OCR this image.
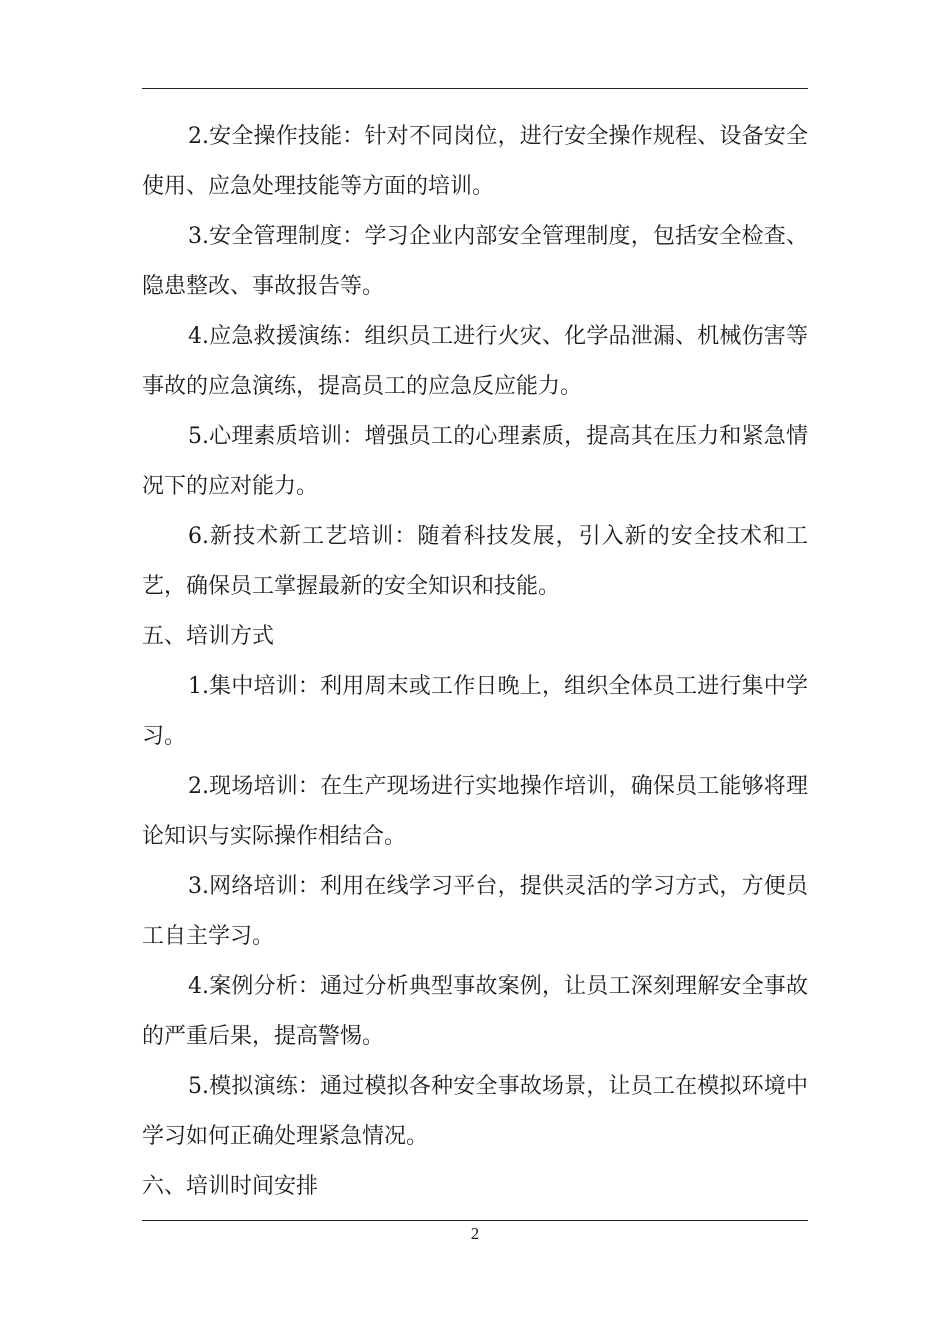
2.安全操作技能：针对不同岗位，进行安全操作规程、设备安全使用、应急处理技能等方面的培训。

3.安全管理制度：学习企业内部安全管理制度，包括安全检查、隐患整改、事故报告等。

4.应急救援演练：组织员工进行火灾、化学品泄漏、机械伤害等事故的应急演练，提高员工的应急反应能力。

5.心理素质培训：增强员工的心理素质，提高其在压力和紧急情况下的应对能力。

6.新技术新工艺培训：随着科技发展，引入新的安全技术和工艺，确保员工掌握最新的安全知识和技能。

五、培训方式

1.集中培训：利用周末或工作日晚上，组织全体员工进行集中学习。

2.现场培训：在生产现场进行实地操作培训，确保员工能够将理论知识与实际操作相结合。

3.网络培训：利用在线学习平台，提供灵活的学习方式，方便员工自主学习。

4.案例分析：通过分析典型事故案例，让员工深刻理解安全事故的严重后果，提高警惕。

5.模拟演练：通过模拟各种安全事故场景，让员工在模拟环境中学习如何正确处理紧急情况。

六、培训时间安排

2
